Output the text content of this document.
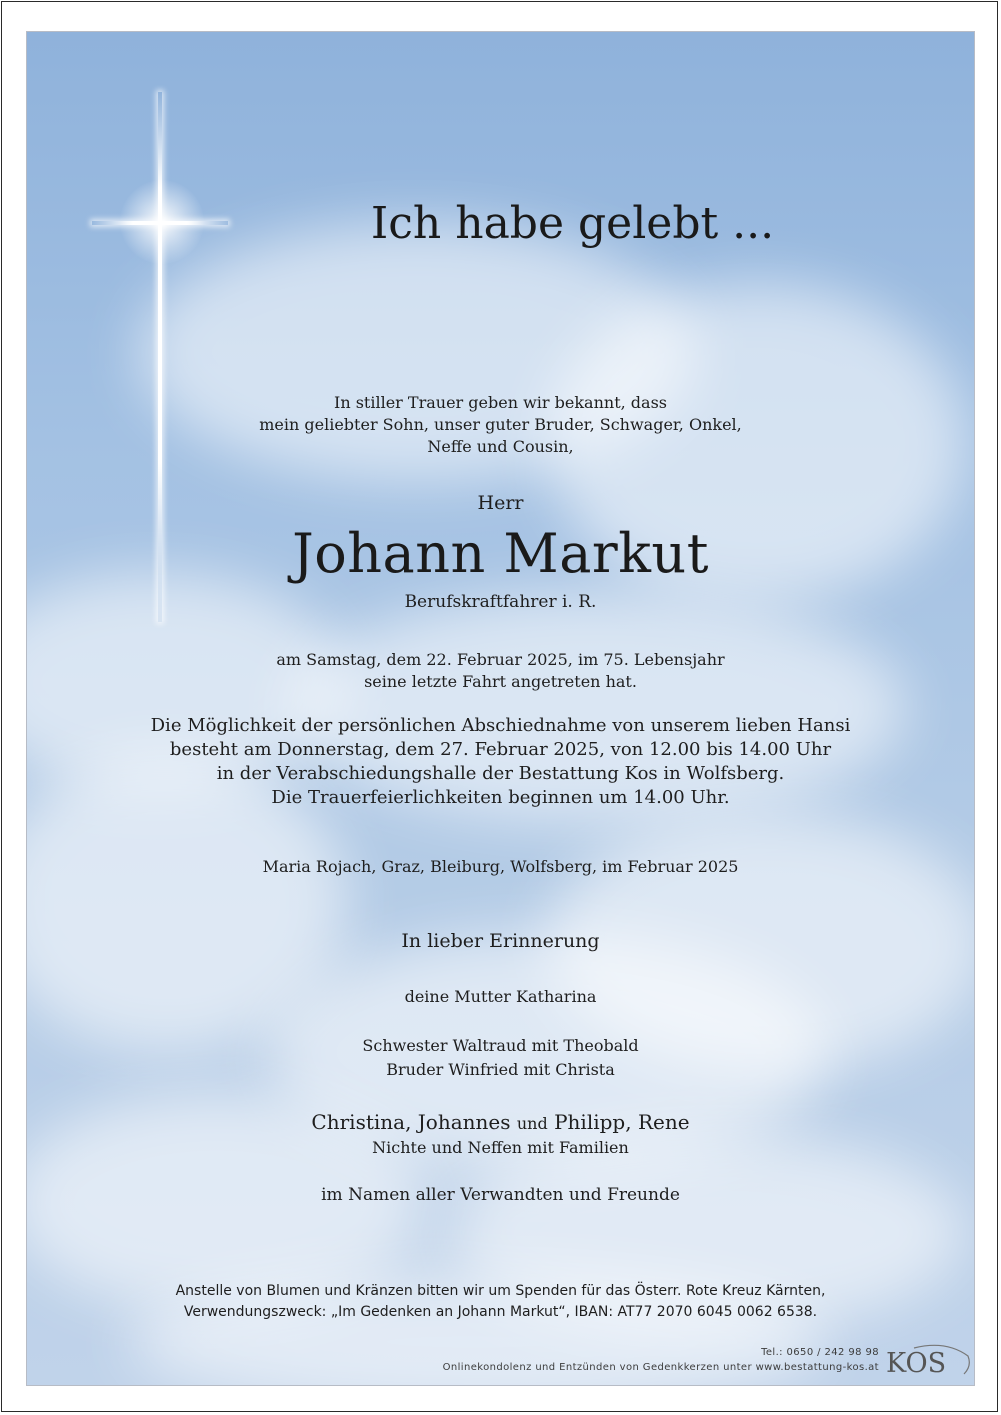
Ich habe gelebt ...
In stiller Trauer geben wir bekannt, dass
mein geliebter Sohn, unser guter Bruder, Schwager, Onkel,
Neffe und Cousin,
Herr
Johann Markut
Berufskraftfahrer i. R.
am Samstag, dem 22. Februar 2025, im 75. Lebensjahr
seine letzte Fahrt angetreten hat.
Die Möglichkeit der persönlichen Abschiednahme von unserem lieben Hansi
besteht am Donnerstag, dem 27. Februar 2025, von 12.00 bis 14.00 Uhr
in der Verabschiedungshalle der Bestattung Kos in Wolfsberg.
Die Trauerfeierlichkeiten beginnen um 14.00 Uhr.
Maria Rojach, Graz, Bleiburg, Wolfsberg, im Februar 2025
In lieber Erinnerung
deine Mutter Katharina
Schwester Waltraud mit Theobald
Bruder Winfried mit Christa
Christina, Johannes und Philipp, Rene
Nichte und Neffen mit Familien
im Namen aller Verwandten und Freunde
Anstelle von Blumen und Kränzen bitten wir um Spenden für das Österr. Rote Kreuz Kärnten,
Verwendungszweck: „Im Gedenken an Johann Markut“, IBAN: AT77 2070 6045 0062 6538.
Tel.: 0650 / 242 98 98
Onlinekondolenz und Entzünden von Gedenkkerzen unter www.bestattung-kos.at KOS
